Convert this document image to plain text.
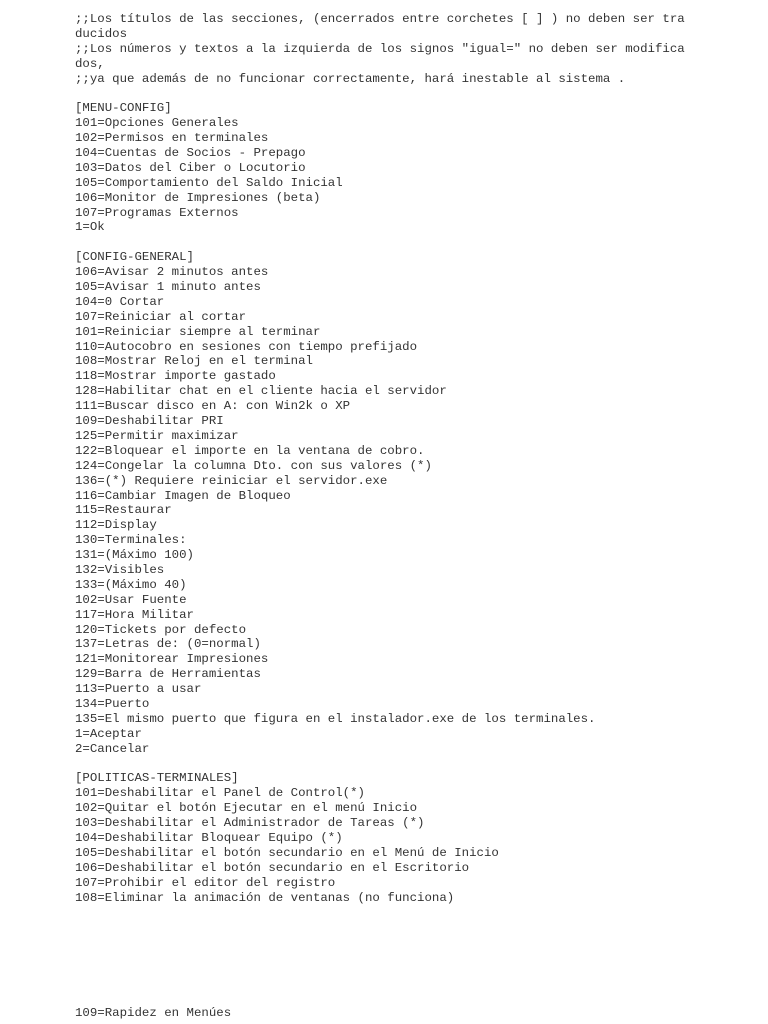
;;Los títulos de las secciones, (encerrados entre corchetes [ ] ) no deben ser tra
ducidos
;;Los números y textos a la izquierda de los signos "igual=" no deben ser modifica
dos,
;;ya que además de no funcionar correctamente, hará inestable al sistema .
[MENU-CONFIG]
101=Opciones Generales
102=Permisos en terminales
104=Cuentas de Socios - Prepago
103=Datos del Ciber o Locutorio
105=Comportamiento del Saldo Inicial
106=Monitor de Impresiones (beta)
107=Programas Externos
1=Ok
[CONFIG-GENERAL]
106=Avisar 2 minutos antes
105=Avisar 1 minuto antes
104=0 Cortar
107=Reiniciar al cortar
101=Reiniciar siempre al terminar
110=Autocobro en sesiones con tiempo prefijado
108=Mostrar Reloj en el terminal
118=Mostrar importe gastado
128=Habilitar chat en el cliente hacia el servidor
111=Buscar disco en A: con Win2k o XP
109=Deshabilitar PRI
125=Permitir maximizar
122=Bloquear el importe en la ventana de cobro.
124=Congelar la columna Dto. con sus valores (*)
136=(*) Requiere reiniciar el servidor.exe
116=Cambiar Imagen de Bloqueo
115=Restaurar
112=Display
130=Terminales:
131=(Máximo 100)
132=Visibles
133=(Máximo 40)
102=Usar Fuente
117=Hora Militar
120=Tickets por defecto
137=Letras de: (0=normal)
121=Monitorear Impresiones
129=Barra de Herramientas
113=Puerto a usar
134=Puerto
135=El mismo puerto que figura en el instalador.exe de los terminales.
1=Aceptar
2=Cancelar
[POLITICAS-TERMINALES]
101=Deshabilitar el Panel de Control(*)
102=Quitar el botón Ejecutar en el menú Inicio
103=Deshabilitar el Administrador de Tareas (*)
104=Deshabilitar Bloquear Equipo (*)
105=Deshabilitar el botón secundario en el Menú de Inicio
106=Deshabilitar el botón secundario en el Escritorio
107=Prohibir el editor del registro
108=Eliminar la animación de ventanas (no funciona)
109=Rapidez en Menúes
